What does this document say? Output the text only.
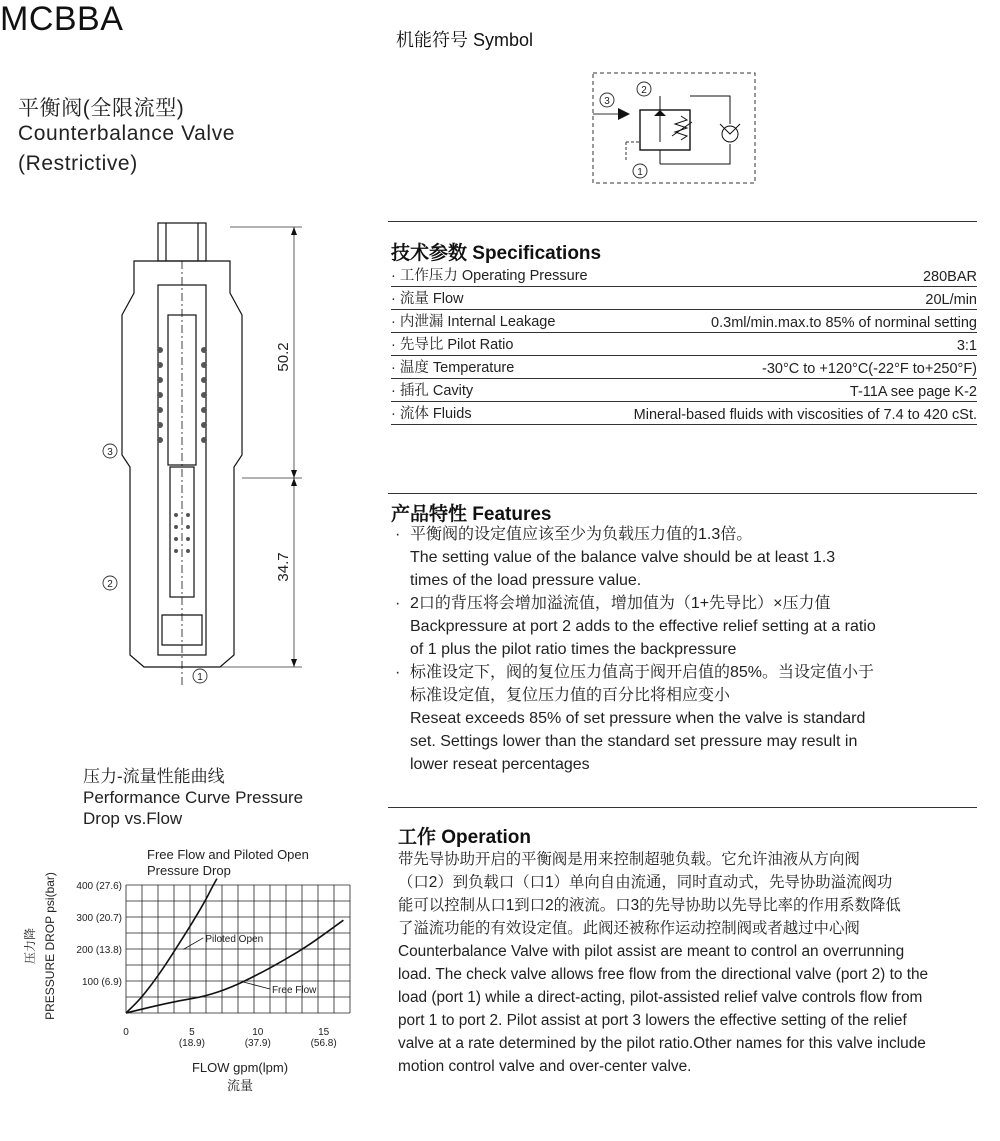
MCBBA
平衡阀(全限流型)
Counterbalance Valve
(Restrictive)
机能符号 Symbol
2
3
1
50.2
34.7
3
2
1
技术参数 Specifications
· 工作压力 Operating Pressure	280BAR
· 流量 Flow	20L/min
· 内泄漏 Internal Leakage	0.3ml/min.max.to 85% of norminal setting
· 先导比 Pilot Ratio	3:1
· 温度 Temperature	-30°C to +120°C(-22°F to+250°F)
· 插孔 Cavity	T-11A see page K-2
· 流体 Fluids	Mineral-based fluids with viscosities of 7.4 to 420 cSt.
产品特性 Features
· 平衡阀的设定值应该至少为负载压力值的1.3倍。
The setting value of the balance valve should be at least 1.3
times of the load pressure value.
· 2口的背压将会增加溢流值，增加值为（1+先导比）×压力值
Backpressure at port 2 adds to the effective relief setting at a ratio
of 1 plus the pilot ratio times the backpressure
· 标准设定下，阀的复位压力值高于阀开启值的85%。当设定值小于
标准设定值，复位压力值的百分比将相应变小
Reseat exceeds 85% of set pressure when the valve is standard
set. Settings lower than the standard set pressure may result in
lower reseat percentages
工作 Operation
带先导协助开启的平衡阀是用来控制超驰负载。它允许油液从方向阀
（口2）到负载口（口1）单向自由流通，同时直动式，先导协助溢流阀功
能可以控制从口1到口2的液流。口3的先导协助以先导比率的作用系数降低
了溢流功能的有效设定值。此阀还被称作运动控制阀或者越过中心阀
Counterbalance Valve with pilot assist are meant to control an overrunning
load. The check valve allows free flow from the directional valve (port 2) to the
load (port 1) while a direct-acting, pilot-assisted relief valve controls flow from
port 1 to port 2. Pilot assist at port 3 lowers the effective setting of the relief
valve at a rate determined by the pilot ratio.Other names for this valve include
motion control valve and over-center valve.
压力-流量性能曲线
Performance Curve Pressure
Drop vs.Flow
Free Flow and Piloted Open
Pressure Drop
100 (6.9)
200 (13.8)
300 (20.7)
400 (27.6)
0	5
(18.9)
10
(37.9)
15
(56.8)
Piloted Open
Free Flow
PRESSURE DROP psi(bar)
压力降
FLOW gpm(lpm)
流量
